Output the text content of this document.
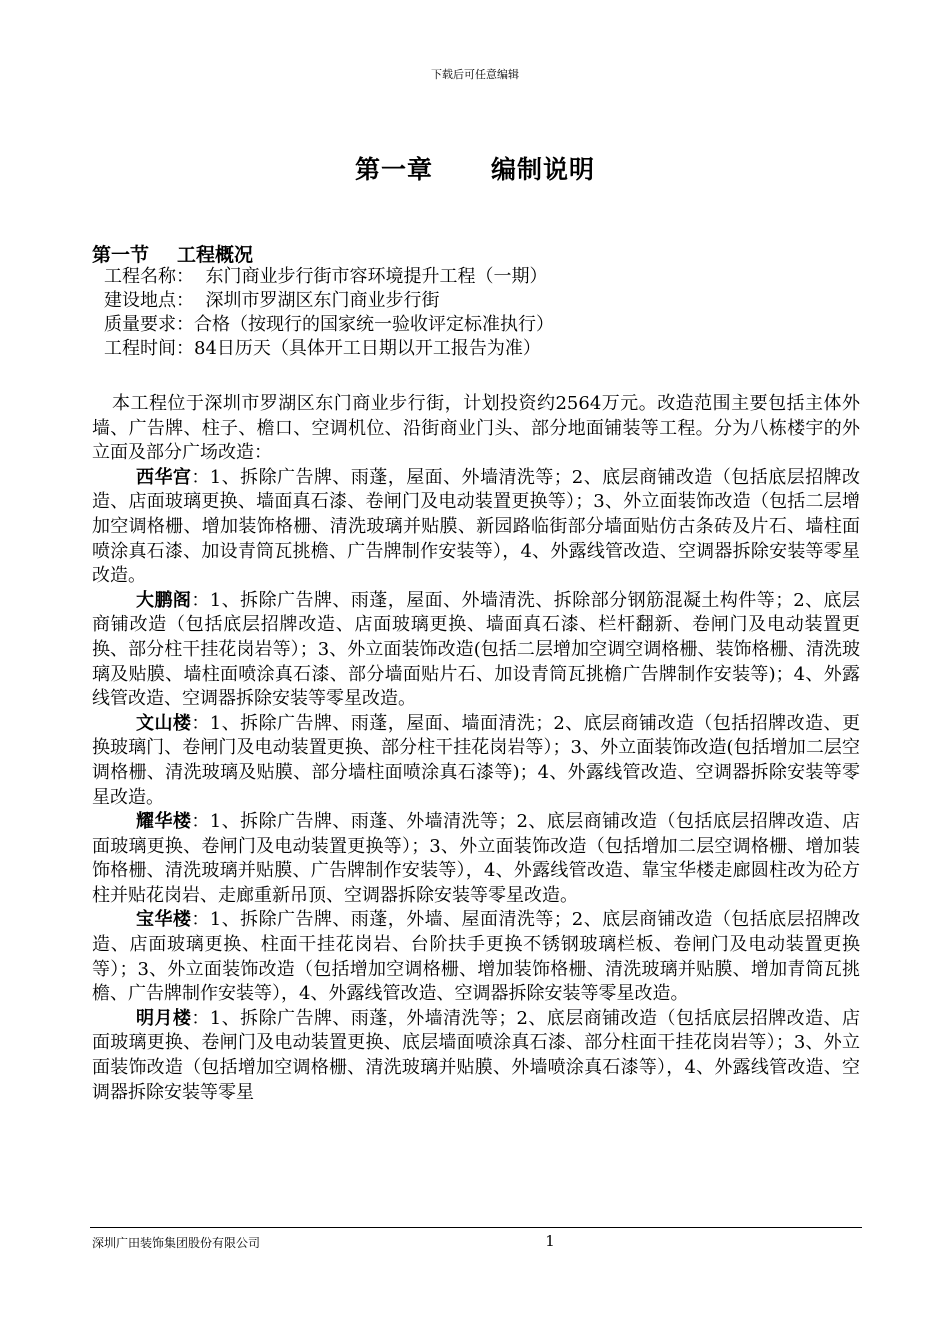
下载后可任意编辑
第一章 编制说明
第一节 工程概况
工程名称：  东门商业步行街市容环境提升工程（一期）
建设地点：  深圳市罗湖区东门商业步行街
质量要求：合格（按现行的国家统一验收评定标准执行）
工程时间：84日历天（具体开工日期以开工报告为准）

本工程位于深圳市罗湖区东门商业步行街，计划投资约2564万元。改造范围主要包括主体外墙、广告牌、柱子、檐口、空调机位、沿街商业门头、部分地面铺装等工程。分为八栋楼宇的外立面及部分广场改造：

西华宫：1、拆除广告牌、雨蓬，屋面、外墙清洗等；2、底层商铺改造（包括底层招牌改造、店面玻璃更换、墙面真石漆、卷闸门及电动装置更换等）；3、外立面装饰改造（包括二层增加空调格栅、增加装饰格栅、清洗玻璃并贴膜、新园路临街部分墙面贴仿古条砖及片石、墙柱面喷涂真石漆、加设青筒瓦挑檐、广告牌制作安装等），4、外露线管改造、空调器拆除安装等零星改造。

大鹏阁：1、拆除广告牌、雨蓬，屋面、外墙清洗、拆除部分钢筋混凝土构件等；2、底层商铺改造（包括底层招牌改造、店面玻璃更换、墙面真石漆、栏杆翻新、卷闸门及电动装置更换、部分柱干挂花岗岩等）；3、外立面装饰改造(包括二层增加空调空调格栅、装饰格栅、清洗玻璃及贴膜、墙柱面喷涂真石漆、部分墙面贴片石、加设青筒瓦挑檐广告牌制作安装等)；4、外露线管改造、空调器拆除安装等零星改造。

文山楼：1、拆除广告牌、雨蓬，屋面、墙面清洗；2、底层商铺改造（包括招牌改造、更换玻璃门、卷闸门及电动装置更换、部分柱干挂花岗岩等）；3、外立面装饰改造(包括增加二层空调格栅、清洗玻璃及贴膜、部分墙柱面喷涂真石漆等)；4、外露线管改造、空调器拆除安装等零星改造。

耀华楼：1、拆除广告牌、雨蓬、外墙清洗等；2、底层商铺改造（包括底层招牌改造、店面玻璃更换、卷闸门及电动装置更换等）；3、外立面装饰改造（包括增加二层空调格栅、增加装饰格栅、清洗玻璃并贴膜、广告牌制作安装等），4、外露线管改造、靠宝华楼走廊圆柱改为砼方柱并贴花岗岩、走廊重新吊顶、空调器拆除安装等零星改造。

宝华楼：1、拆除广告牌、雨蓬，外墙、屋面清洗等；2、底层商铺改造（包括底层招牌改造、店面玻璃更换、柱面干挂花岗岩、台阶扶手更换不锈钢玻璃栏板、卷闸门及电动装置更换等）；3、外立面装饰改造（包括增加空调格栅、增加装饰格栅、清洗玻璃并贴膜、增加青筒瓦挑檐、广告牌制作安装等），4、外露线管改造、空调器拆除安装等零星改造。

明月楼：1、拆除广告牌、雨蓬，外墙清洗等；2、底层商铺改造（包括底层招牌改造、店面玻璃更换、卷闸门及电动装置更换、底层墙面喷涂真石漆、部分柱面干挂花岗岩等）；3、外立面装饰改造（包括增加空调格栅、清洗玻璃并贴膜、外墙喷涂真石漆等），4、外露线管改造、空调器拆除安装等零星

深圳广田装饰集团股份有限公司	1
